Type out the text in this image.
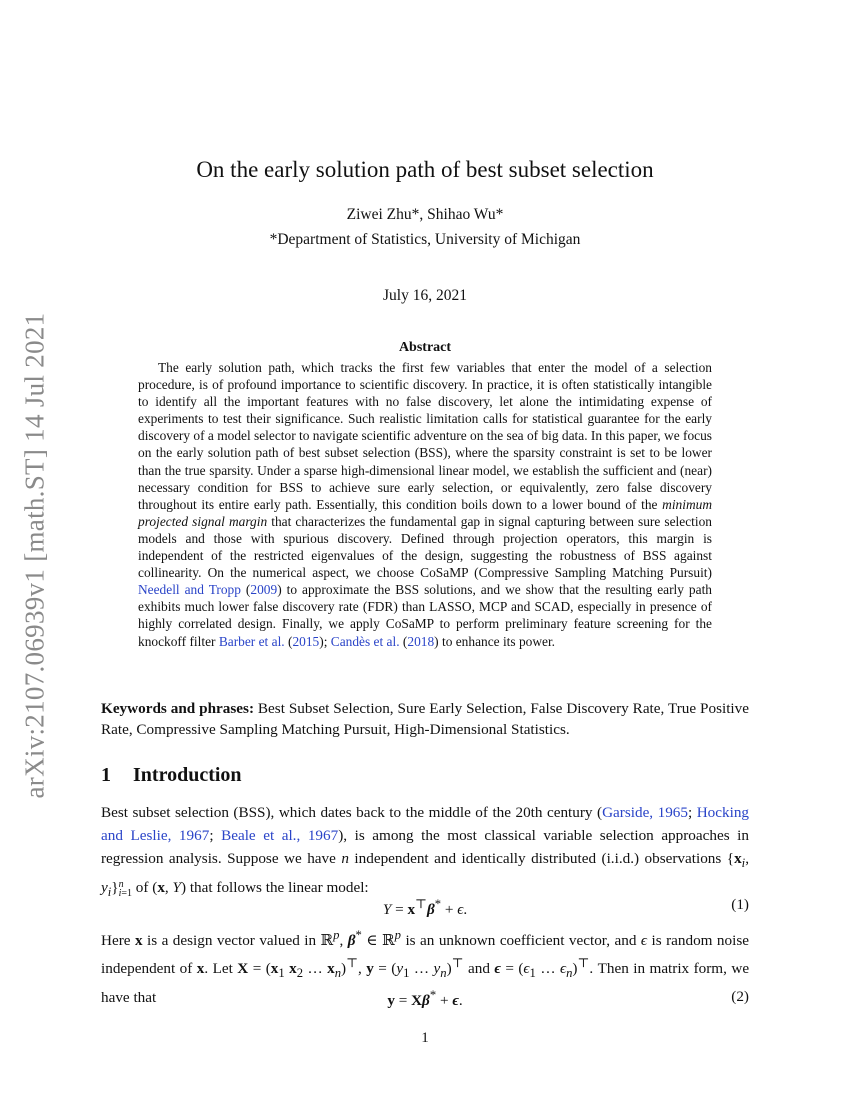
arXiv:2107.06939v1 [math.ST] 14 Jul 2021
On the early solution path of best subset selection
Ziwei Zhu*, Shihao Wu*
*Department of Statistics, University of Michigan
July 16, 2021
Abstract
The early solution path, which tracks the first few variables that enter the model of a selection procedure, is of profound importance to scientific discovery. In practice, it is often statistically intangible to identify all the important features with no false discovery, let alone the intimidating expense of experiments to test their significance. Such realistic limitation calls for statistical guarantee for the early discovery of a model selector to navigate scientific adventure on the sea of big data. In this paper, we focus on the early solution path of best subset selection (BSS), where the sparsity constraint is set to be lower than the true sparsity. Under a sparse high-dimensional linear model, we establish the sufficient and (near) necessary condition for BSS to achieve sure early selection, or equivalently, zero false discovery throughout its entire early path. Essentially, this condition boils down to a lower bound of the minimum projected signal margin that characterizes the fundamental gap in signal capturing between sure selection models and those with spurious discovery. Defined through projection operators, this margin is independent of the restricted eigenvalues of the design, suggesting the robustness of BSS against collinearity. On the numerical aspect, we choose CoSaMP (Compressive Sampling Matching Pursuit) Needell and Tropp (2009) to approximate the BSS solutions, and we show that the resulting early path exhibits much lower false discovery rate (FDR) than LASSO, MCP and SCAD, especially in presence of highly correlated design. Finally, we apply CoSaMP to perform preliminary feature screening for the knockoff filter Barber et al. (2015); Candès et al. (2018) to enhance its power.
Keywords and phrases: Best Subset Selection, Sure Early Selection, False Discovery Rate, True Positive Rate, Compressive Sampling Matching Pursuit, High-Dimensional Statistics.
1 Introduction
Best subset selection (BSS), which dates back to the middle of the 20th century (Garside, 1965; Hocking and Leslie, 1967; Beale et al., 1967), is among the most classical variable selection approaches in regression analysis. Suppose we have n independent and identically distributed (i.i.d.) observations {$x_i$, $y_i\}n$
i=1 of (x, Y) that follows the linear model:
Y = x⊤β* + ϵ.	(1)
Here x is a design vector valued in ℝ$^p$, β* ∈ ℝ$^p$ is an unknown coefficient vector, and ϵ is random noise independent of x. Let $X = (x_1$ $x_2$ … $x_n)^⊤$, $y = (y_1$ … $y_n)^⊤$ and $\epsilon = (\epsilon_1$ … $\epsilon_n)^⊤$. Then in matrix form, we have that	y = Xβ* + ϵ.	(2)
1
